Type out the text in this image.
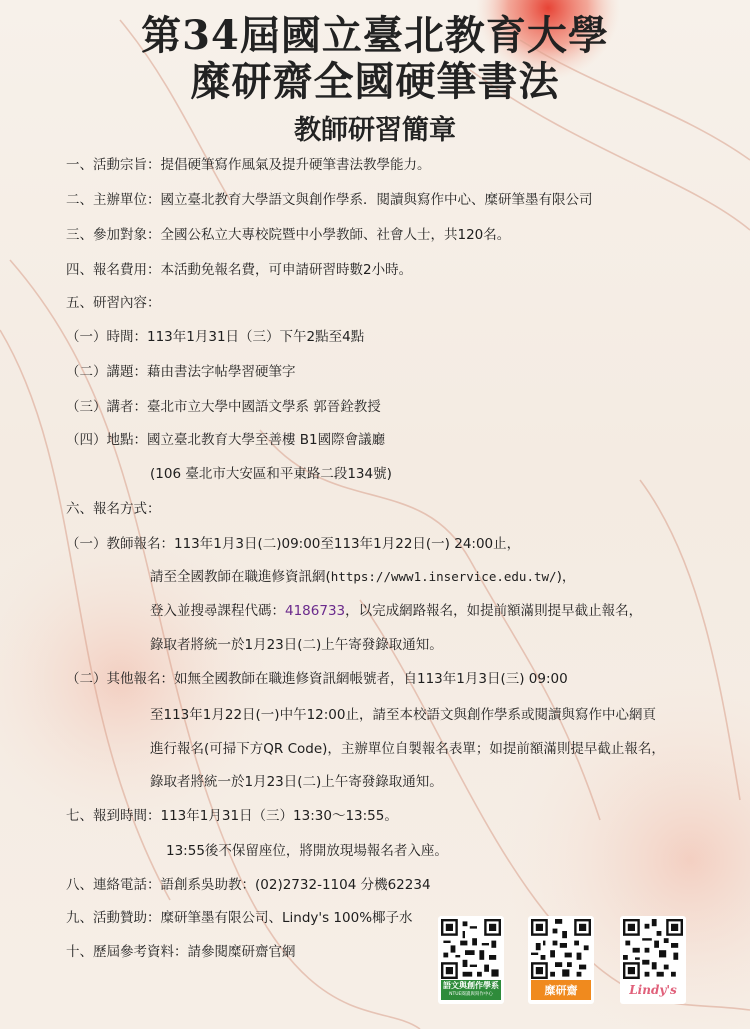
第34屆國立臺北教育大學
糜研齋全國硬筆書法
教師研習簡章
一、活動宗旨：提倡硬筆寫作風氣及提升硬筆書法教學能力。
二、主辦單位：國立臺北教育大學語文與創作學系．閱讀與寫作中心、糜研筆墨有限公司
三、參加對象：全國公私立大專校院暨中小學教師、社會人士，共120名。
四、報名費用：本活動免報名費，可申請研習時數2小時。
五、研習內容：
（一）時間：113年1月31日（三）下午2點至4點
（二）講題：藉由書法字帖學習硬筆字
（三）講者：臺北市立大學中國語文學系 郭晉銓教授
（四）地點：國立臺北教育大學至善樓 B1國際會議廳
(106 臺北市大安區和平東路二段134號)
六、報名方式：
（一）教師報名：113年1月3日(二)09:00至113年1月22日(一) 24:00止，
請至全國教師在職進修資訊網(https://www1.inservice.edu.tw/)，
登入並搜尋課程代碼：4186733，以完成網路報名，如提前額滿則提早截止報名，
錄取者將統一於1月23日(二)上午寄發錄取通知。
（二）其他報名：如無全國教師在職進修資訊網帳號者，自113年1月3日(三) 09:00
至113年1月22日(一)中午12:00止，請至本校語文與創作學系或閱讀與寫作中心網頁
進行報名(可掃下方QR Code)，主辦單位自製報名表單；如提前額滿則提早截止報名，
錄取者將統一於1月23日(二)上午寄發錄取通知。
七、報到時間：113年1月31日（三）13:30～13:55。
13:55後不保留座位，將開放現場報名者入座。
八、連絡電話：語創系吳助教：(02)2732-1104 分機62234
九、活動贊助：糜研筆墨有限公司、Lindy's 100%椰子水
十、歷屆參考資料：請參閱糜研齋官網
語文與創作學系
NTUE閱讀與寫作中心	糜研齋	Lindy's
